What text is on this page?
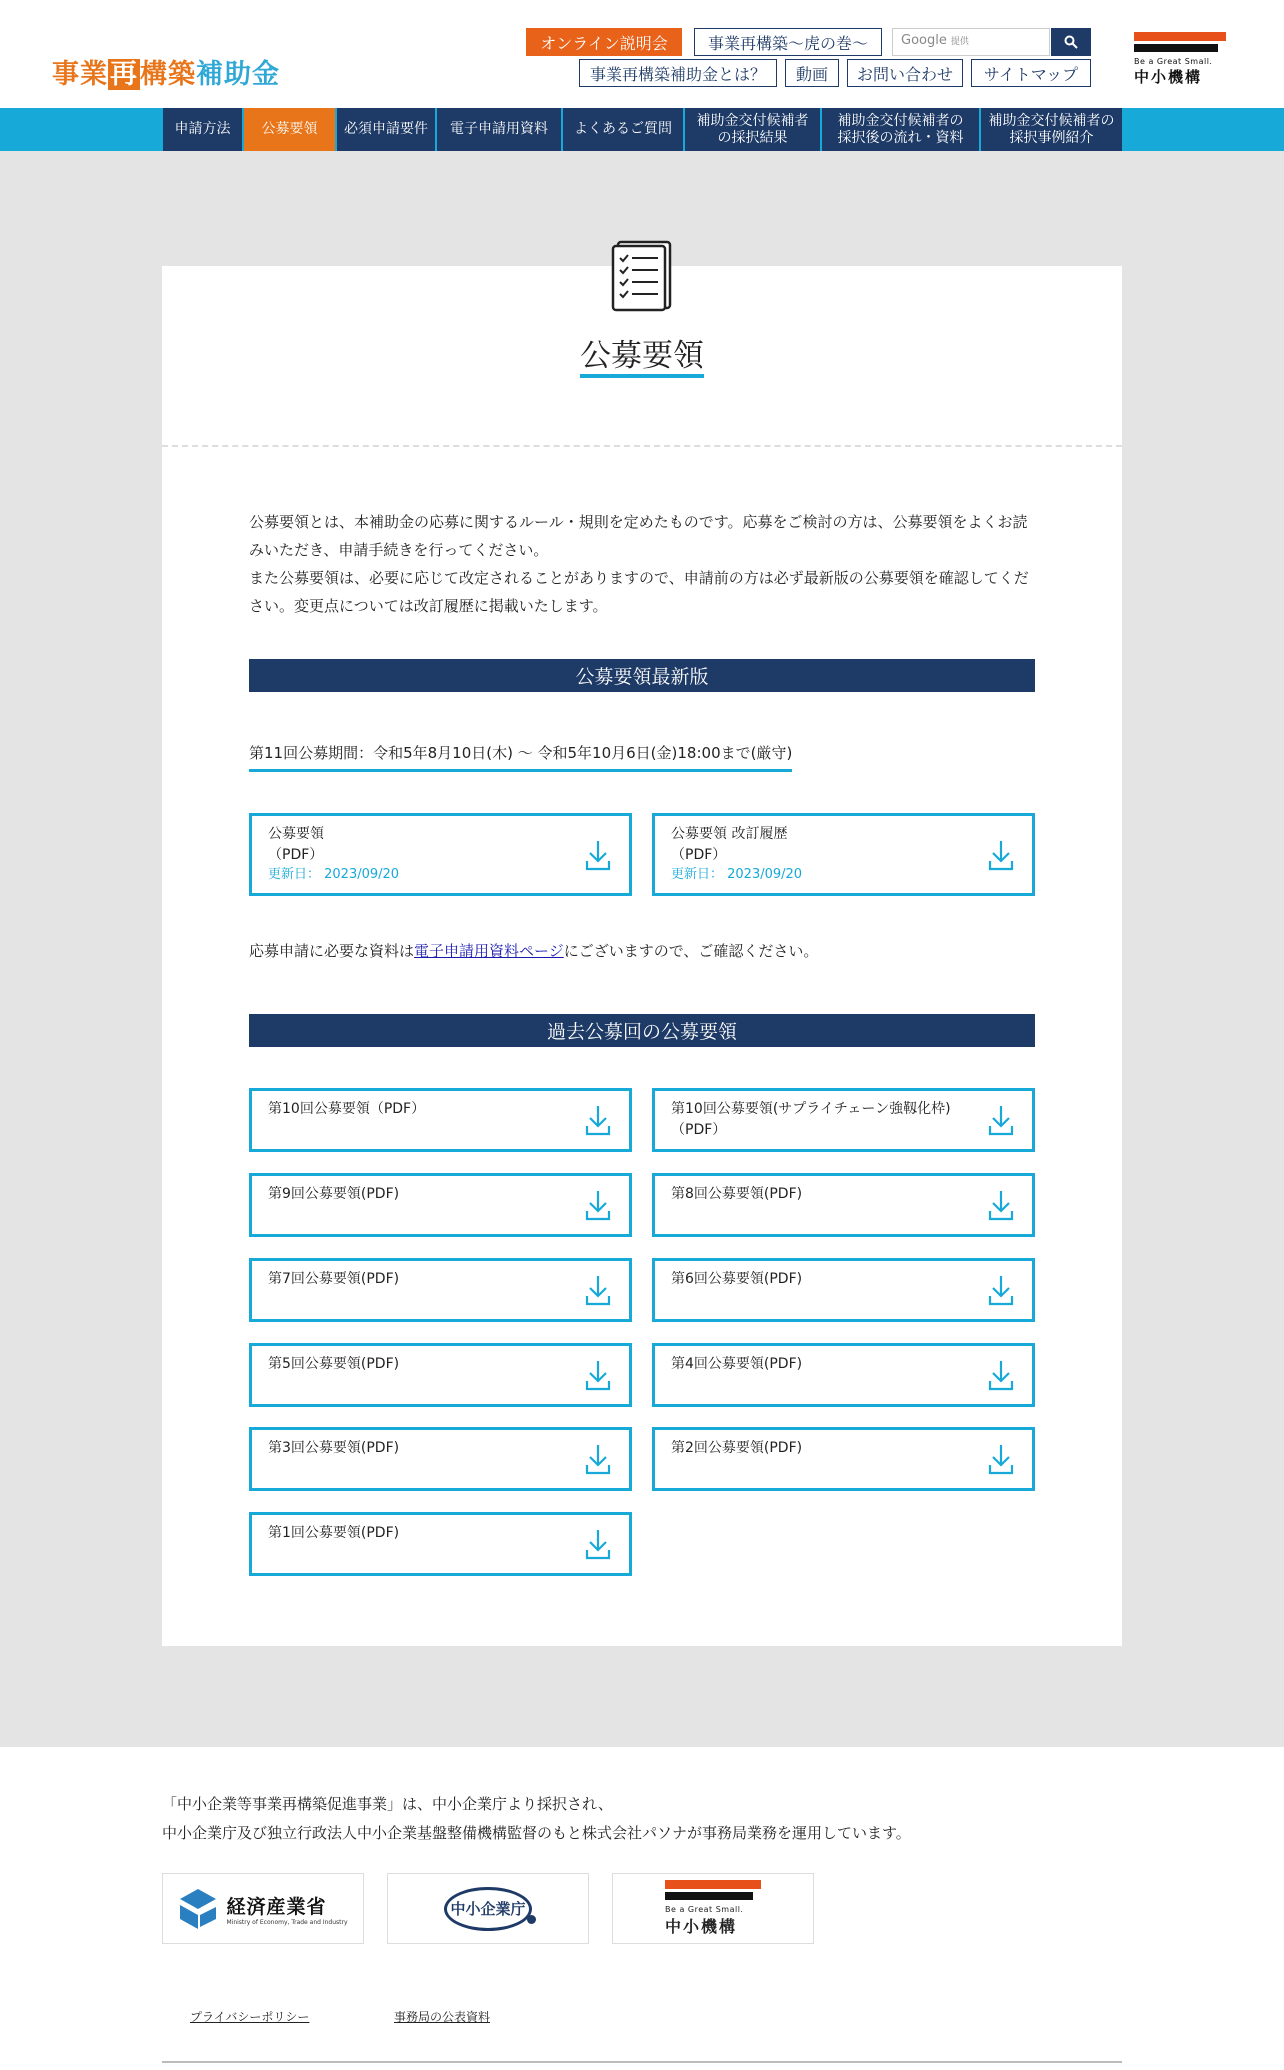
事業再構築補助金
オンライン説明会	事業再構築〜虎の巻〜	Google 提供
事業再構築補助金とは？	動画	お問い合わせ	サイトマップ
Be a Great Small.
中小機構
申請方法	公募要領	必須申請要件	電子申請用資料	よくあるご質問
補助金交付候補者
の採択結果
補助金交付候補者の
採択後の流れ・資料
補助金交付候補者の
採択事例紹介
公募要領

公募要領とは、本補助金の応募に関するルール・規則を定めたものです。応募をご検討の方は、公募要領をよくお読みいただき、申請手続きを行ってください。

また公募要領は、必要に応じて改定されることがありますので、申請前の方は必ず最新版の公募要領を確認してください。変更点については改訂履歴に掲載いたします。

公募要領最新版
第11回公募期間：令和5年8月10日(木) 〜 令和5年10月6日(金)18:00まで(厳守)
公募要領
（PDF）
更新日： 2023/09/20
公募要領 改訂履歴
（PDF）
更新日： 2023/09/20
応募申請に必要な資料は電子申請用資料ページにございますので、ご確認ください。
過去公募回の公募要領
第10回公募要領（PDF）	第10回公募要領(サプライチェーン強靱化枠)
（PDF）
第9回公募要領(PDF)	第8回公募要領(PDF)
第7回公募要領(PDF)	第6回公募要領(PDF)
第5回公募要領(PDF)	第4回公募要領(PDF)
第3回公募要領(PDF)	第2回公募要領(PDF)
第1回公募要領(PDF)

「中小企業等事業再構築促進事業」は、中小企業庁より採択され、

中小企業庁及び独立行政法人中小企業基盤整備機構監督のもと株式会社パソナが事務局業務を運用しています。

経済産業省
Ministry of Economy, Trade and Industry
中小企業庁	Be a Great Small.
中小機構
プライバシーポリシー	事務局の公表資料
